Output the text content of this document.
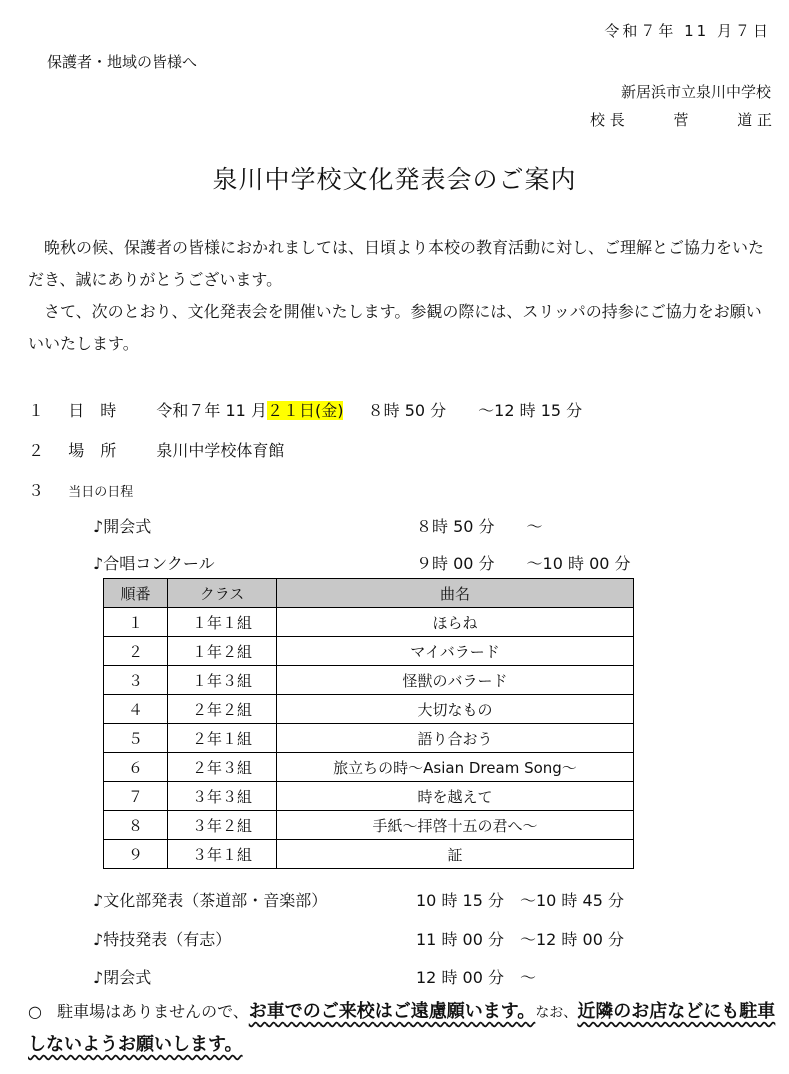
令和７年 11 月７日
保護者・地域の皆様へ
新居浜市立泉川中学校
校 長	菅	道 正
泉川中学校文化発表会のご案内

晩秋の候、保護者の皆様におかれましては、日頃より本校の教育活動に対し、ご理解とご協力をいただき、誠にありがとうございます。

さて、次のとおり、文化発表会を開催いたします。参観の際には、スリッパの持参にご協力をお願いいいたします。

１ 日　時	令和７年 11 月２１日(金) ８時 50 分　　～12 時 15 分
２ 場　所	泉川中学校体育館
３ 当日の日程
♪開会式	８時 50 分　　～
♪合唱コンクール	９時 00 分　　～10 時 00 分
順番	クラス	曲名
１	１年１組	ほらね
２	１年２組	マイバラード
３	１年３組	怪獣のバラード
４	２年２組	大切なもの
５	２年１組	語り合おう
６	２年３組	旅立ちの時～Asian Dream Song～
７	３年３組	時を越えて
８	３年２組	手紙～拝啓十五の君へ～
９	３年１組	証
♪文化部発表（茶道部・音楽部）	10 時 15 分　～10 時 45 分
♪特技発表（有志）	11 時 00 分　～12 時 00 分
♪閉会式	12 時 00 分　～
○ 駐車場はありませんので、お車でのご来校はご遠慮願います。なお、近隣のお店などにも駐車しないようお願いします。
